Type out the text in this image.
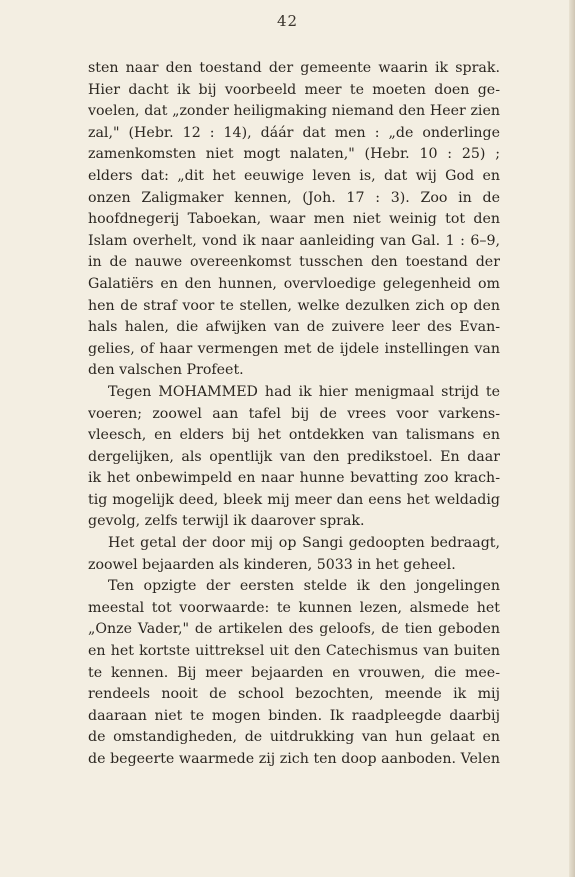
42
sten naar den toestand der gemeente waarin ik sprak.
Hier dacht ik bij voorbeeld meer te moeten doen ge-
voelen, dat „zonder heiligmaking niemand den Heer zien
zal," (Hebr. 12 : 14), dáár dat men : „de onderlinge
zamenkomsten niet mogt nalaten," (Hebr. 10 : 25) ;
elders dat: „dit het eeuwige leven is, dat wij God en
onzen Zaligmaker kennen, (Joh. 17 : 3). Zoo in de
hoofdnegerij Taboekan, waar men niet weinig tot den
Islam overhelt, vond ik naar aanleiding van Gal. 1 : 6–9,
in de nauwe overeenkomst tusschen den toestand der
Galatiërs en den hunnen, overvloedige gelegenheid om
hen de straf voor te stellen, welke dezulken zich op den
hals halen, die afwijken van de zuivere leer des Evan-
gelies, of haar vermengen met de ijdele instellingen van
den valschen Profeet.
Tegen MOHAMMED had ik hier menigmaal strijd te
voeren; zoowel aan tafel bij de vrees voor varkens-
vleesch, en elders bij het ontdekken van talismans en
dergelijken, als opentlijk van den predikstoel. En daar
ik het onbewimpeld en naar hunne bevatting zoo krach-
tig mogelijk deed, bleek mij meer dan eens het weldadig
gevolg, zelfs terwijl ik daarover sprak.
Het getal der door mij op Sangi gedoopten bedraagt,
zoowel bejaarden als kinderen, 5033 in het geheel.
Ten opzigte der eersten stelde ik den jongelingen
meestal tot voorwaarde: te kunnen lezen, alsmede het
„Onze Vader," de artikelen des geloofs, de tien geboden
en het kortste uittreksel uit den Catechismus van buiten
te kennen. Bij meer bejaarden en vrouwen, die mee-
rendeels nooit de school bezochten, meende ik mij
daaraan niet te mogen binden. Ik raadpleegde daarbij
de omstandigheden, de uitdrukking van hun gelaat en
de begeerte waarmede zij zich ten doop aanboden. Velen
